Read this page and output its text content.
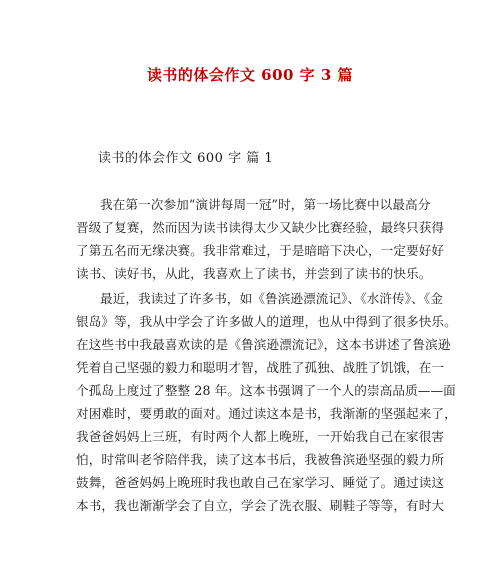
读书的体会作文 600 字 3 篇
读书的体会作文 600 字 篇 1

我在第一次参加“演讲每周一冠”时，第一场比赛中以最高分
晋级了复赛，然而因为读书读得太少又缺少比赛经验，最终只获得
了第五名而无缘决赛。我非常难过，于是暗暗下决心，一定要好好
读书、读好书，从此，我喜欢上了读书，并尝到了读书的快乐。

最近，我读过了许多书，如《鲁滨逊漂流记》、《水浒传》、《金
银岛》等，我从中学会了许多做人的道理，也从中得到了很多快乐。
在这些书中我最喜欢读的是《鲁滨逊漂流记》，这本书讲述了鲁滨逊
凭着自己坚强的毅力和聪明才智，战胜了孤独、战胜了饥饿，在一
个孤岛上度过了整整 28 年。这本书强调了一个人的崇高品质——面
对困难时，要勇敢的面对。通过读这本是书，我渐渐的坚强起来了，
我爸爸妈妈上三班，有时两个人都上晚班，一开始我自己在家很害
怕，时常叫老爷陪伴我，读了这本书后，我被鲁滨逊坚强的毅力所
鼓舞，爸爸妈妈上晚班时我也敢自己在家学习、睡觉了。通过读这
本书，我也渐渐学会了自立，学会了洗衣服、刷鞋子等等，有时大
